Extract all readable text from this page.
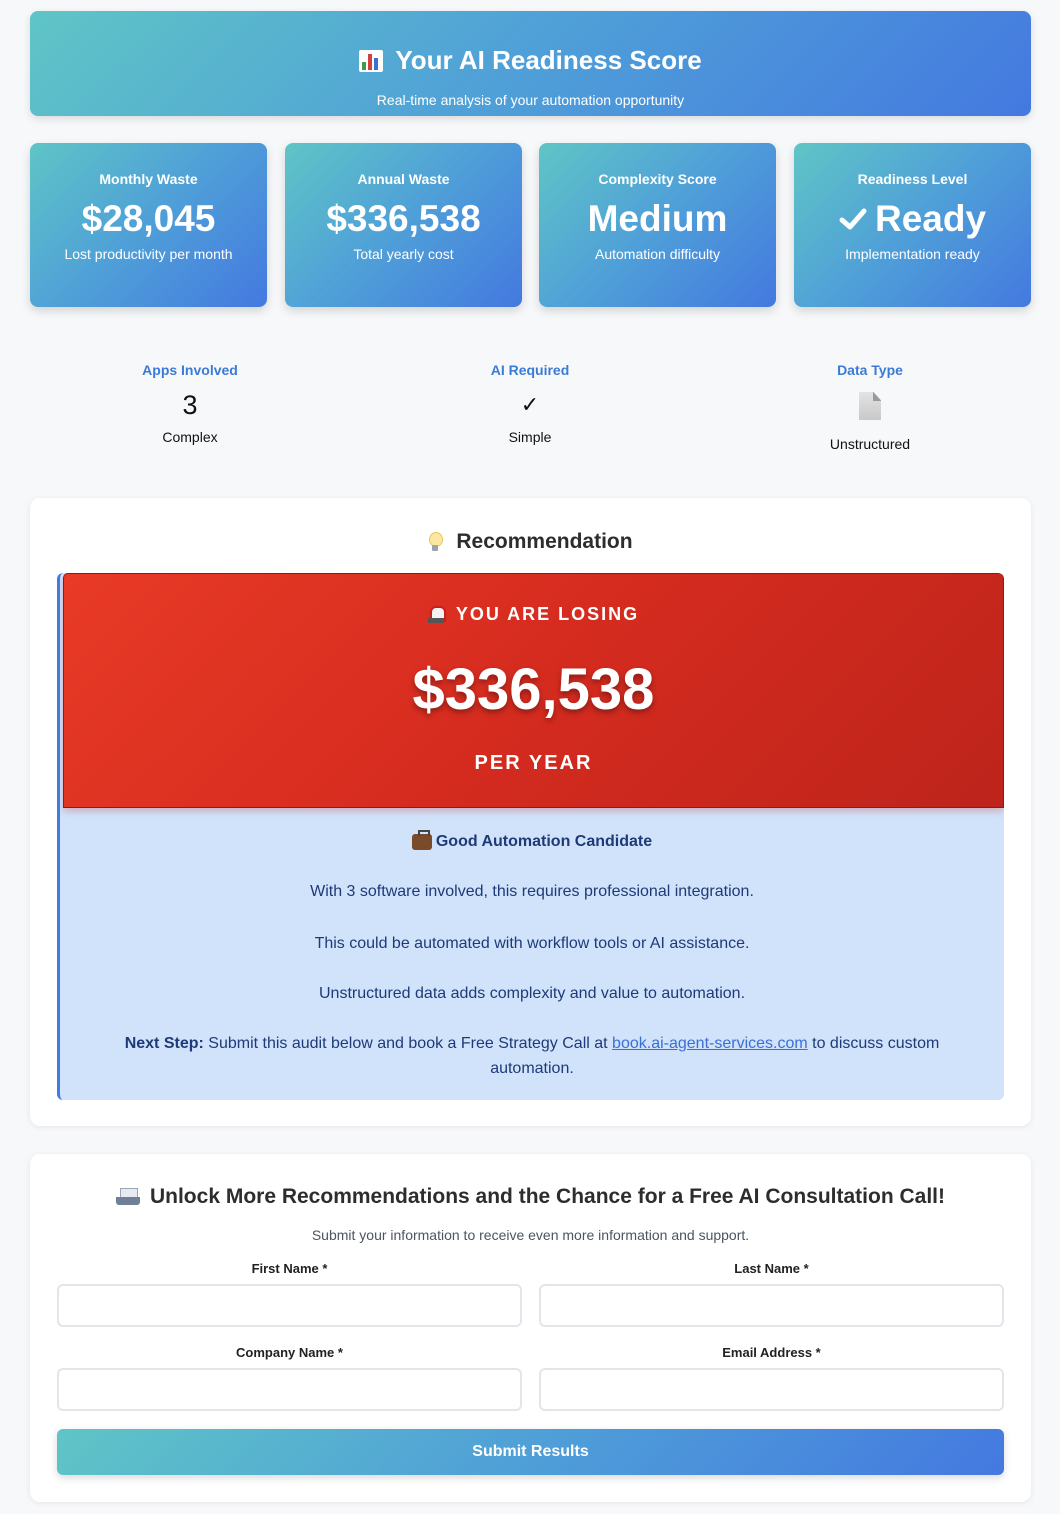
Your AI Readiness Score
Real-time analysis of your automation opportunity
Monthly Waste
$28,045
Lost productivity per month
Annual Waste
$336,538
Total yearly cost
Complexity Score
Medium
Automation difficulty
Readiness Level
Ready
Implementation ready
Apps Involved
3
Complex
AI Required
✓
Simple
Data Type
Unstructured
Recommendation
YOU ARE LOSING
$336,538
PER YEAR
Good Automation Candidate
With 3 software involved, this requires professional integration.
This could be automated with workflow tools or AI assistance.
Unstructured data adds complexity and value to automation.
Next Step: Submit this audit below and book a Free Strategy Call at book.ai-agent-services.com to discuss custom automation.
Unlock More Recommendations and the Chance for a Free AI Consultation Call!
Submit your information to receive even more information and support.
First Name *	Last Name *
Company Name *	Email Address *
Submit Results
